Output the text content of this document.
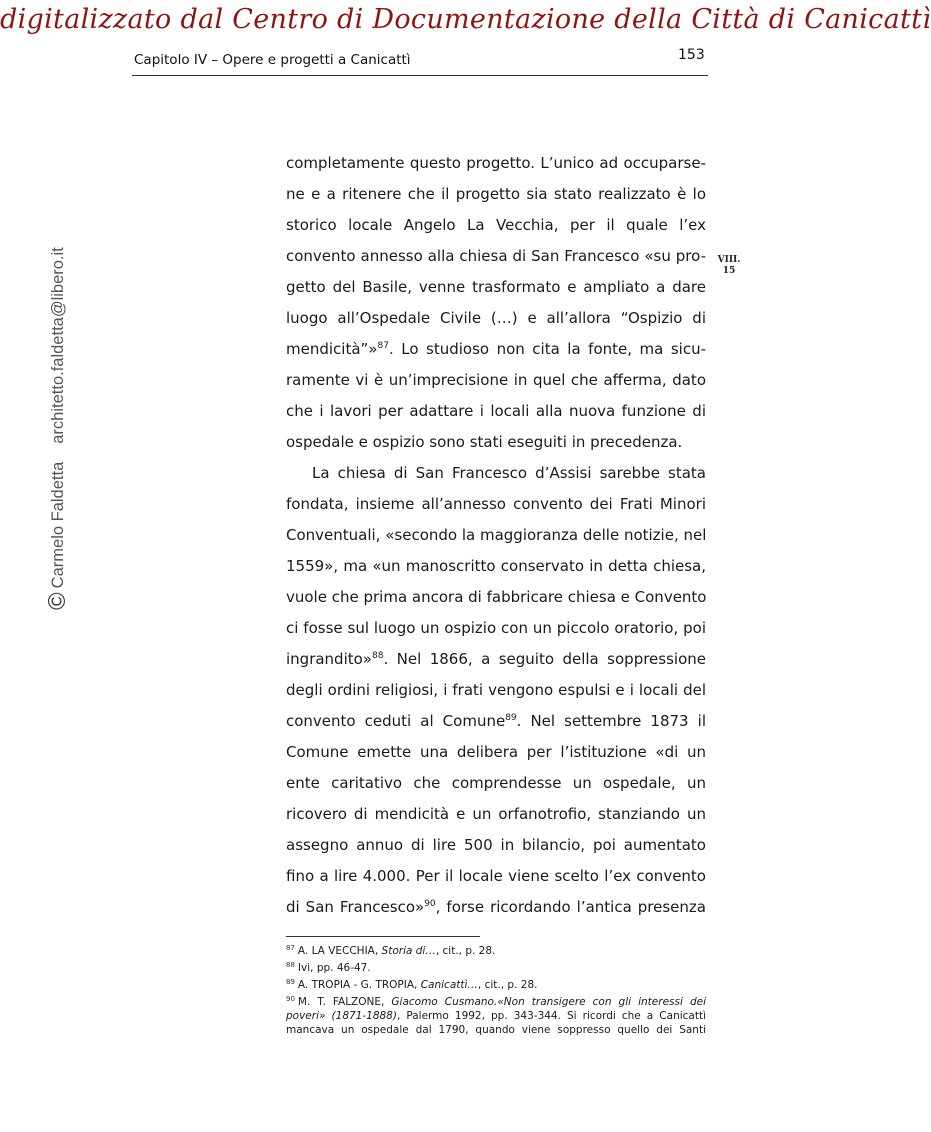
digitalizzato dal Centro di Documentazione della Città di Canicattì
Capitolo IV – Opere e progetti a Canicattì	153
©
Carmelo Faldetta
architetto.faldetta@libero.it	VIII.
15
completamente questo progetto. L’unico ad occuparse-
ne e a ritenere che il progetto sia stato realizzato è lo
storico locale Angelo La Vecchia, per il quale l’ex
convento annesso alla chiesa di San Francesco «su pro-
getto del Basile, venne trasformato e ampliato a dare
luogo all’Ospedale Civile (…) e all’allora “Ospizio di
mendicità”»$^{87}$. Lo studioso non cita la fonte, ma sicu-
ramente vi è un’imprecisione in quel che afferma, dato
che i lavori per adattare i locali alla nuova funzione di
ospedale e ospizio sono stati eseguiti in precedenza.
La chiesa di San Francesco d’Assisi sarebbe stata
fondata, insieme all’annesso convento dei Frati Minori
Conventuali, «secondo la maggioranza delle notizie, nel
1559», ma «un manoscritto conservato in detta chiesa,
vuole che prima ancora di fabbricare chiesa e Convento
ci fosse sul luogo un ospizio con un piccolo oratorio, poi
ingrandito»$^{88}$. Nel 1866, a seguito della soppressione
degli ordini religiosi, i frati vengono espulsi e i locali del
convento ceduti al Comune$^{89}$. Nel settembre 1873 il
Comune emette una delibera per l’istituzione «di un
ente caritativo che comprendesse un ospedale, un
ricovero di mendicità e un orfanotrofio, stanziando un
assegno annuo di lire 500 in bilancio, poi aumentato
fino a lire 4.000. Per il locale viene scelto l’ex convento
di San Francesco»$^{90}$, forse ricordando l’antica presenza
$^{87}$ A. LA VECCHIA, Storia di…, cit., p. 28.
$^{88}$ Ivi, pp. 46-47.
$^{89}$ A. TROPIA - G. TROPIA, Canicattì…, cit., p. 28.
$^{90}$ M. T. FALZONE, Giacomo Cusmano.«Non transigere con gli interessi dei
poveri» (1871-1888), Palermo 1992, pp. 343-344. Si ricordi che a Canicattì
mancava un ospedale dal 1790, quando viene soppresso quello dei Santi
